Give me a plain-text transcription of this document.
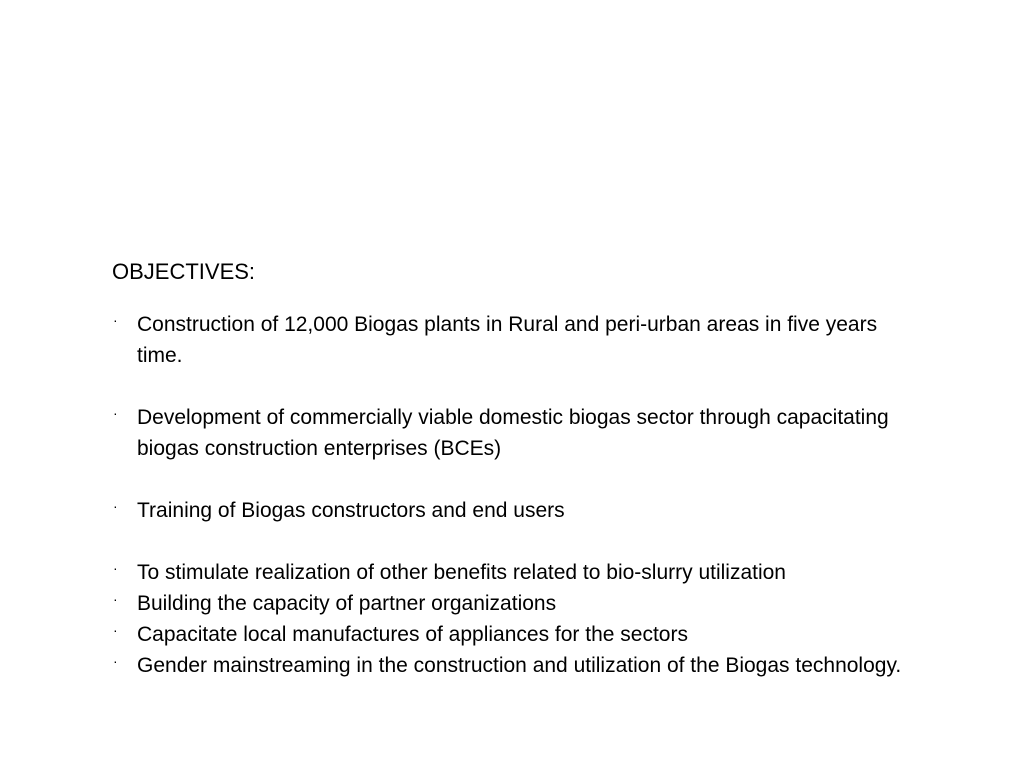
OBJECTIVES:
· Construction of 12,000 Biogas plants in Rural and peri-urban areas in five years time.
· Development of commercially viable domestic biogas sector through capacitating biogas construction enterprises (BCEs)
· Training of Biogas constructors and end users
· To stimulate realization of other benefits related to bio-slurry utilization
· Building the capacity of partner organizations
· Capacitate local manufactures of appliances for the sectors
· Gender mainstreaming in the construction and utilization of the Biogas technology.
